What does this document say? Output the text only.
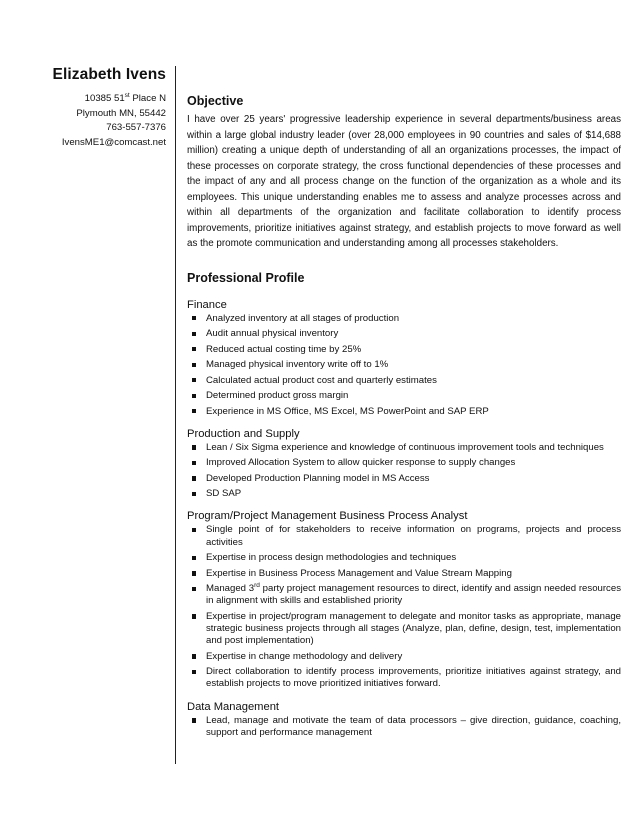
Elizabeth Ivens
10385 51st Place N
Plymouth MN, 55442
763-557-7376
IvensME1@comcast.net
Objective

I have over 25 years' progressive leadership experience in several departments/business areas within a large global industry leader (over 28,000 employees in 90 countries and sales of $14,688 million) creating a unique depth of understanding of all an organizations processes, the impact of these processes on corporate strategy, the cross functional dependencies of these processes and the impact of any and all process change on the function of the organization as a whole and its employees. This unique understanding enables me to assess and analyze processes across and within all departments of the organization and facilitate collaboration to identify process improvements, prioritize initiatives against strategy, and establish projects to move forward as well as the promote communication and understanding among all processes stakeholders.

Professional Profile
Finance
Analyzed inventory at all stages of production
Audit annual physical inventory
Reduced actual costing time by 25%
Managed physical inventory write off to 1%
Calculated actual product cost and quarterly estimates
Determined product gross margin
Experience in MS Office, MS Excel, MS PowerPoint and SAP ERP
Production and Supply
Lean / Six Sigma experience and knowledge of continuous improvement tools and techniques
Improved Allocation System to allow quicker response to supply changes
Developed Production Planning model in MS Access
SD SAP
Program/Project Management Business Process Analyst
Single point of for stakeholders to receive information on programs, projects and process activities
Expertise in process design methodologies and techniques
Expertise in Business Process Management and Value Stream Mapping
Managed 3rd party project management resources to direct, identify and assign needed resources in alignment with skills and established priority
Expertise in project/program management to delegate and monitor tasks as appropriate, manage strategic business projects through all stages (Analyze, plan, define, design, test, implementation and post implementation)
Expertise in change methodology and delivery
Direct collaboration to identify process improvements, prioritize initiatives against strategy, and establish projects to move prioritized initiatives forward.
Data Management
Lead, manage and motivate the team of data processors – give direction, guidance, coaching, support and performance management
